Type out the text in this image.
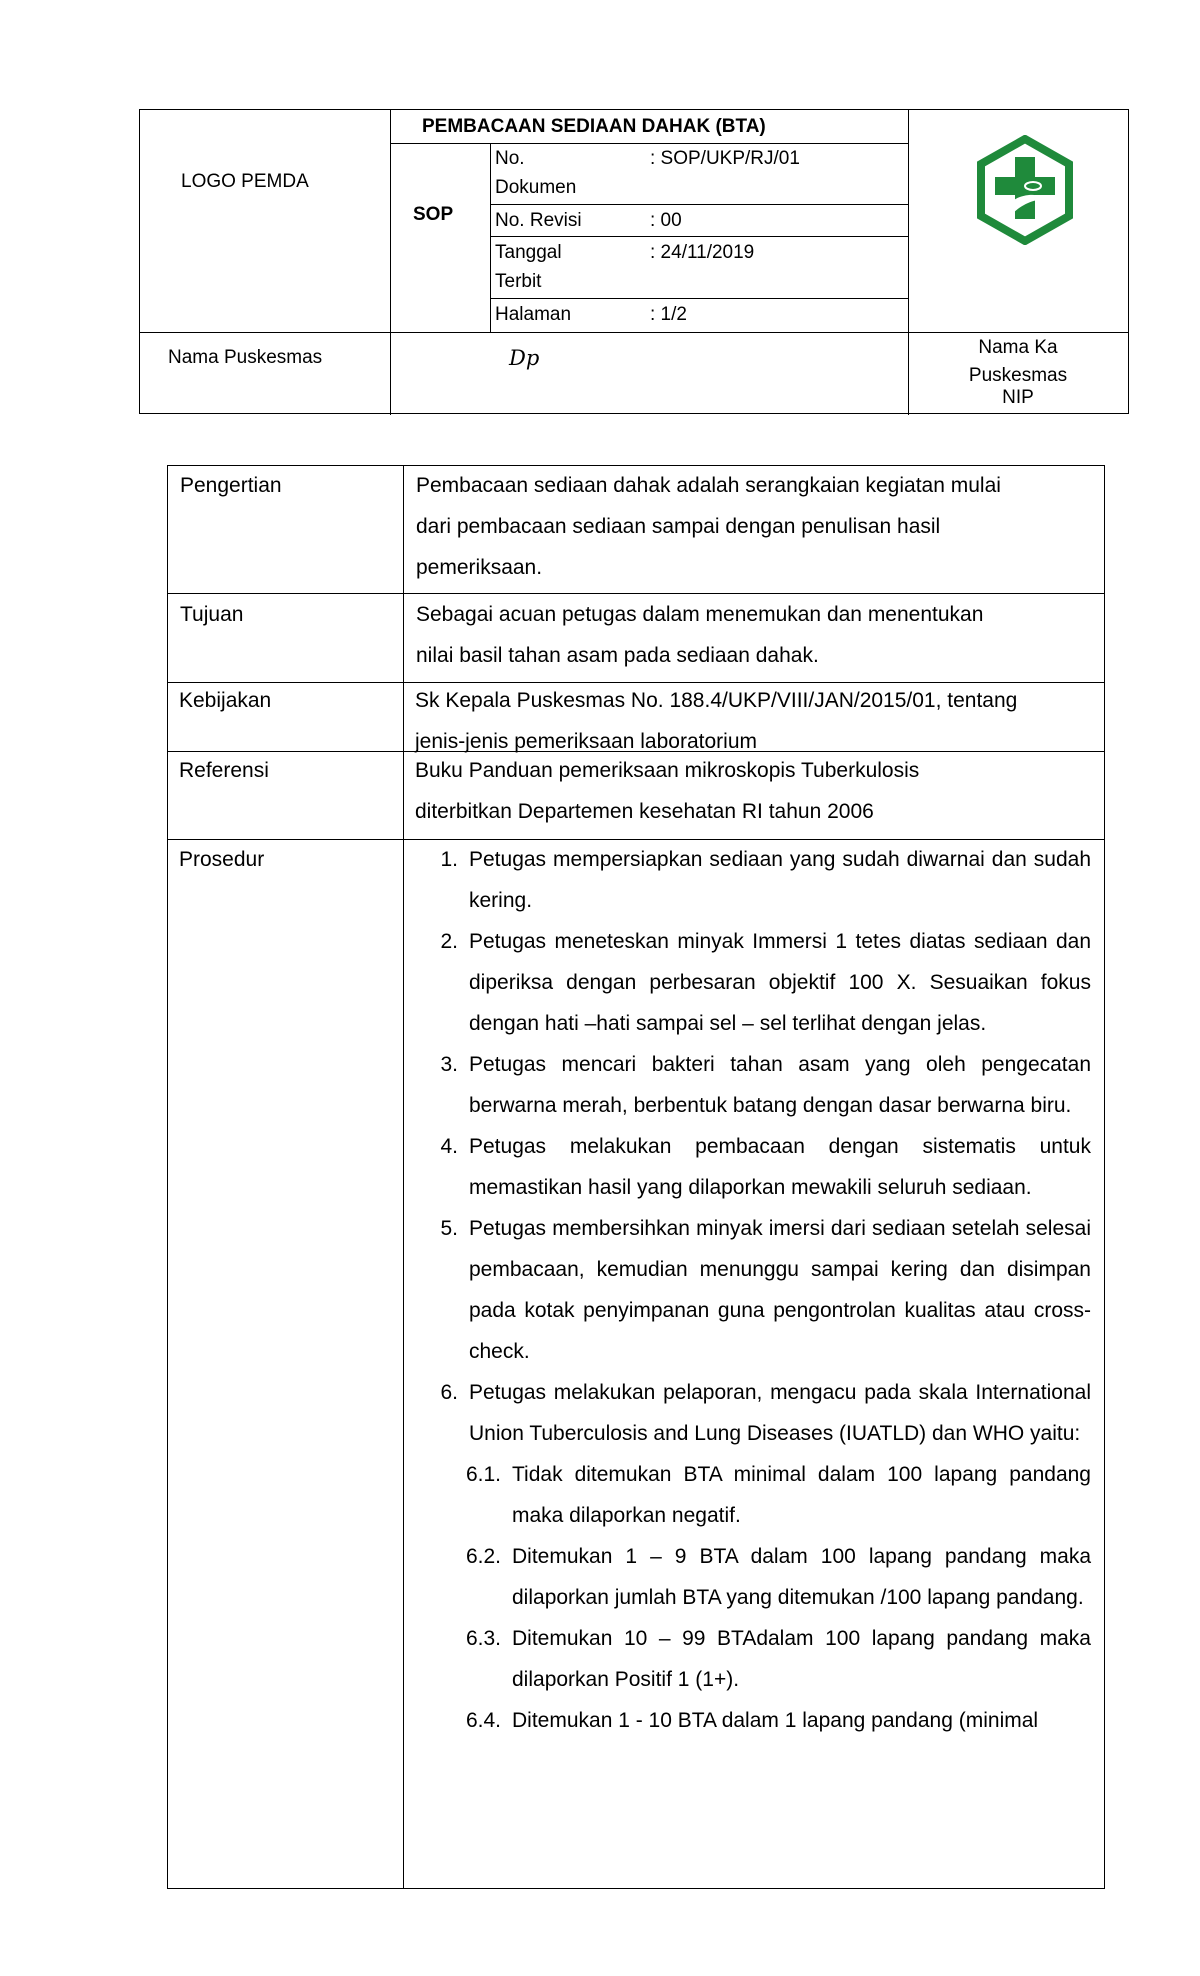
LOGO PEMDA
PEMBACAAN SEDIAAN DAHAK (BTA)
SOP
No.
Dokumen
: SOP/UKP/RJ/01
No. Revisi	: 00
Tanggal
Terbit
: 24/11/2019
Halaman	: 1/2
Nama Puskesmas	Dp	Nama Ka
Puskesmas
NIP
Pengertian	Pembacaan sediaan dahak adalah serangkaian kegiatan mulai
dari pembacaan sediaan sampai dengan penulisan hasil
pemeriksaan.
Tujuan	Sebagai acuan petugas dalam menemukan dan menentukan
nilai basil tahan asam pada sediaan dahak.
Kebijakan	Sk Kepala Puskesmas No. 188.4/UKP/VIII/JAN/2015/01, tentang
jenis-jenis pemeriksaan laboratorium
Referensi	Buku Panduan pemeriksaan mikroskopis Tuberkulosis
diterbitkan Departemen kesehatan RI tahun 2006
Prosedur	1. Petugas mempersiapkan sediaan yang sudah diwarnai dan sudah kering.
2. Petugas meneteskan minyak Immersi 1 tetes diatas sediaan dan diperiksa dengan perbesaran objektif 100 X. Sesuaikan fokus dengan hati –hati sampai sel – sel terlihat dengan jelas.
3. Petugas mencari bakteri tahan asam yang oleh pengecatan berwarna merah, berbentuk batang dengan dasar berwarna biru.
4. Petugas melakukan pembacaan dengan sistematis untuk memastikan hasil yang dilaporkan mewakili seluruh sediaan.
5. Petugas membersihkan minyak imersi dari sediaan setelah selesai pembacaan, kemudian menunggu sampai kering dan disimpan pada kotak penyimpanan guna pengontrolan kualitas atau cross-check.
6. Petugas melakukan pelaporan, mengacu pada skala International Union Tuberculosis and Lung Diseases (IUATLD) dan WHO yaitu:
6.1. Tidak ditemukan BTA minimal dalam 100 lapang pandang maka dilaporkan negatif.
6.2. Ditemukan 1 – 9 BTA dalam 100 lapang pandang maka dilaporkan jumlah BTA yang ditemukan /100 lapang pandang.
6.3. Ditemukan 10 – 99 BTAdalam 100 lapang pandang maka dilaporkan Positif 1 (1+).
6.4. Ditemukan 1 - 10 BTA dalam 1 lapang pandang (minimal
